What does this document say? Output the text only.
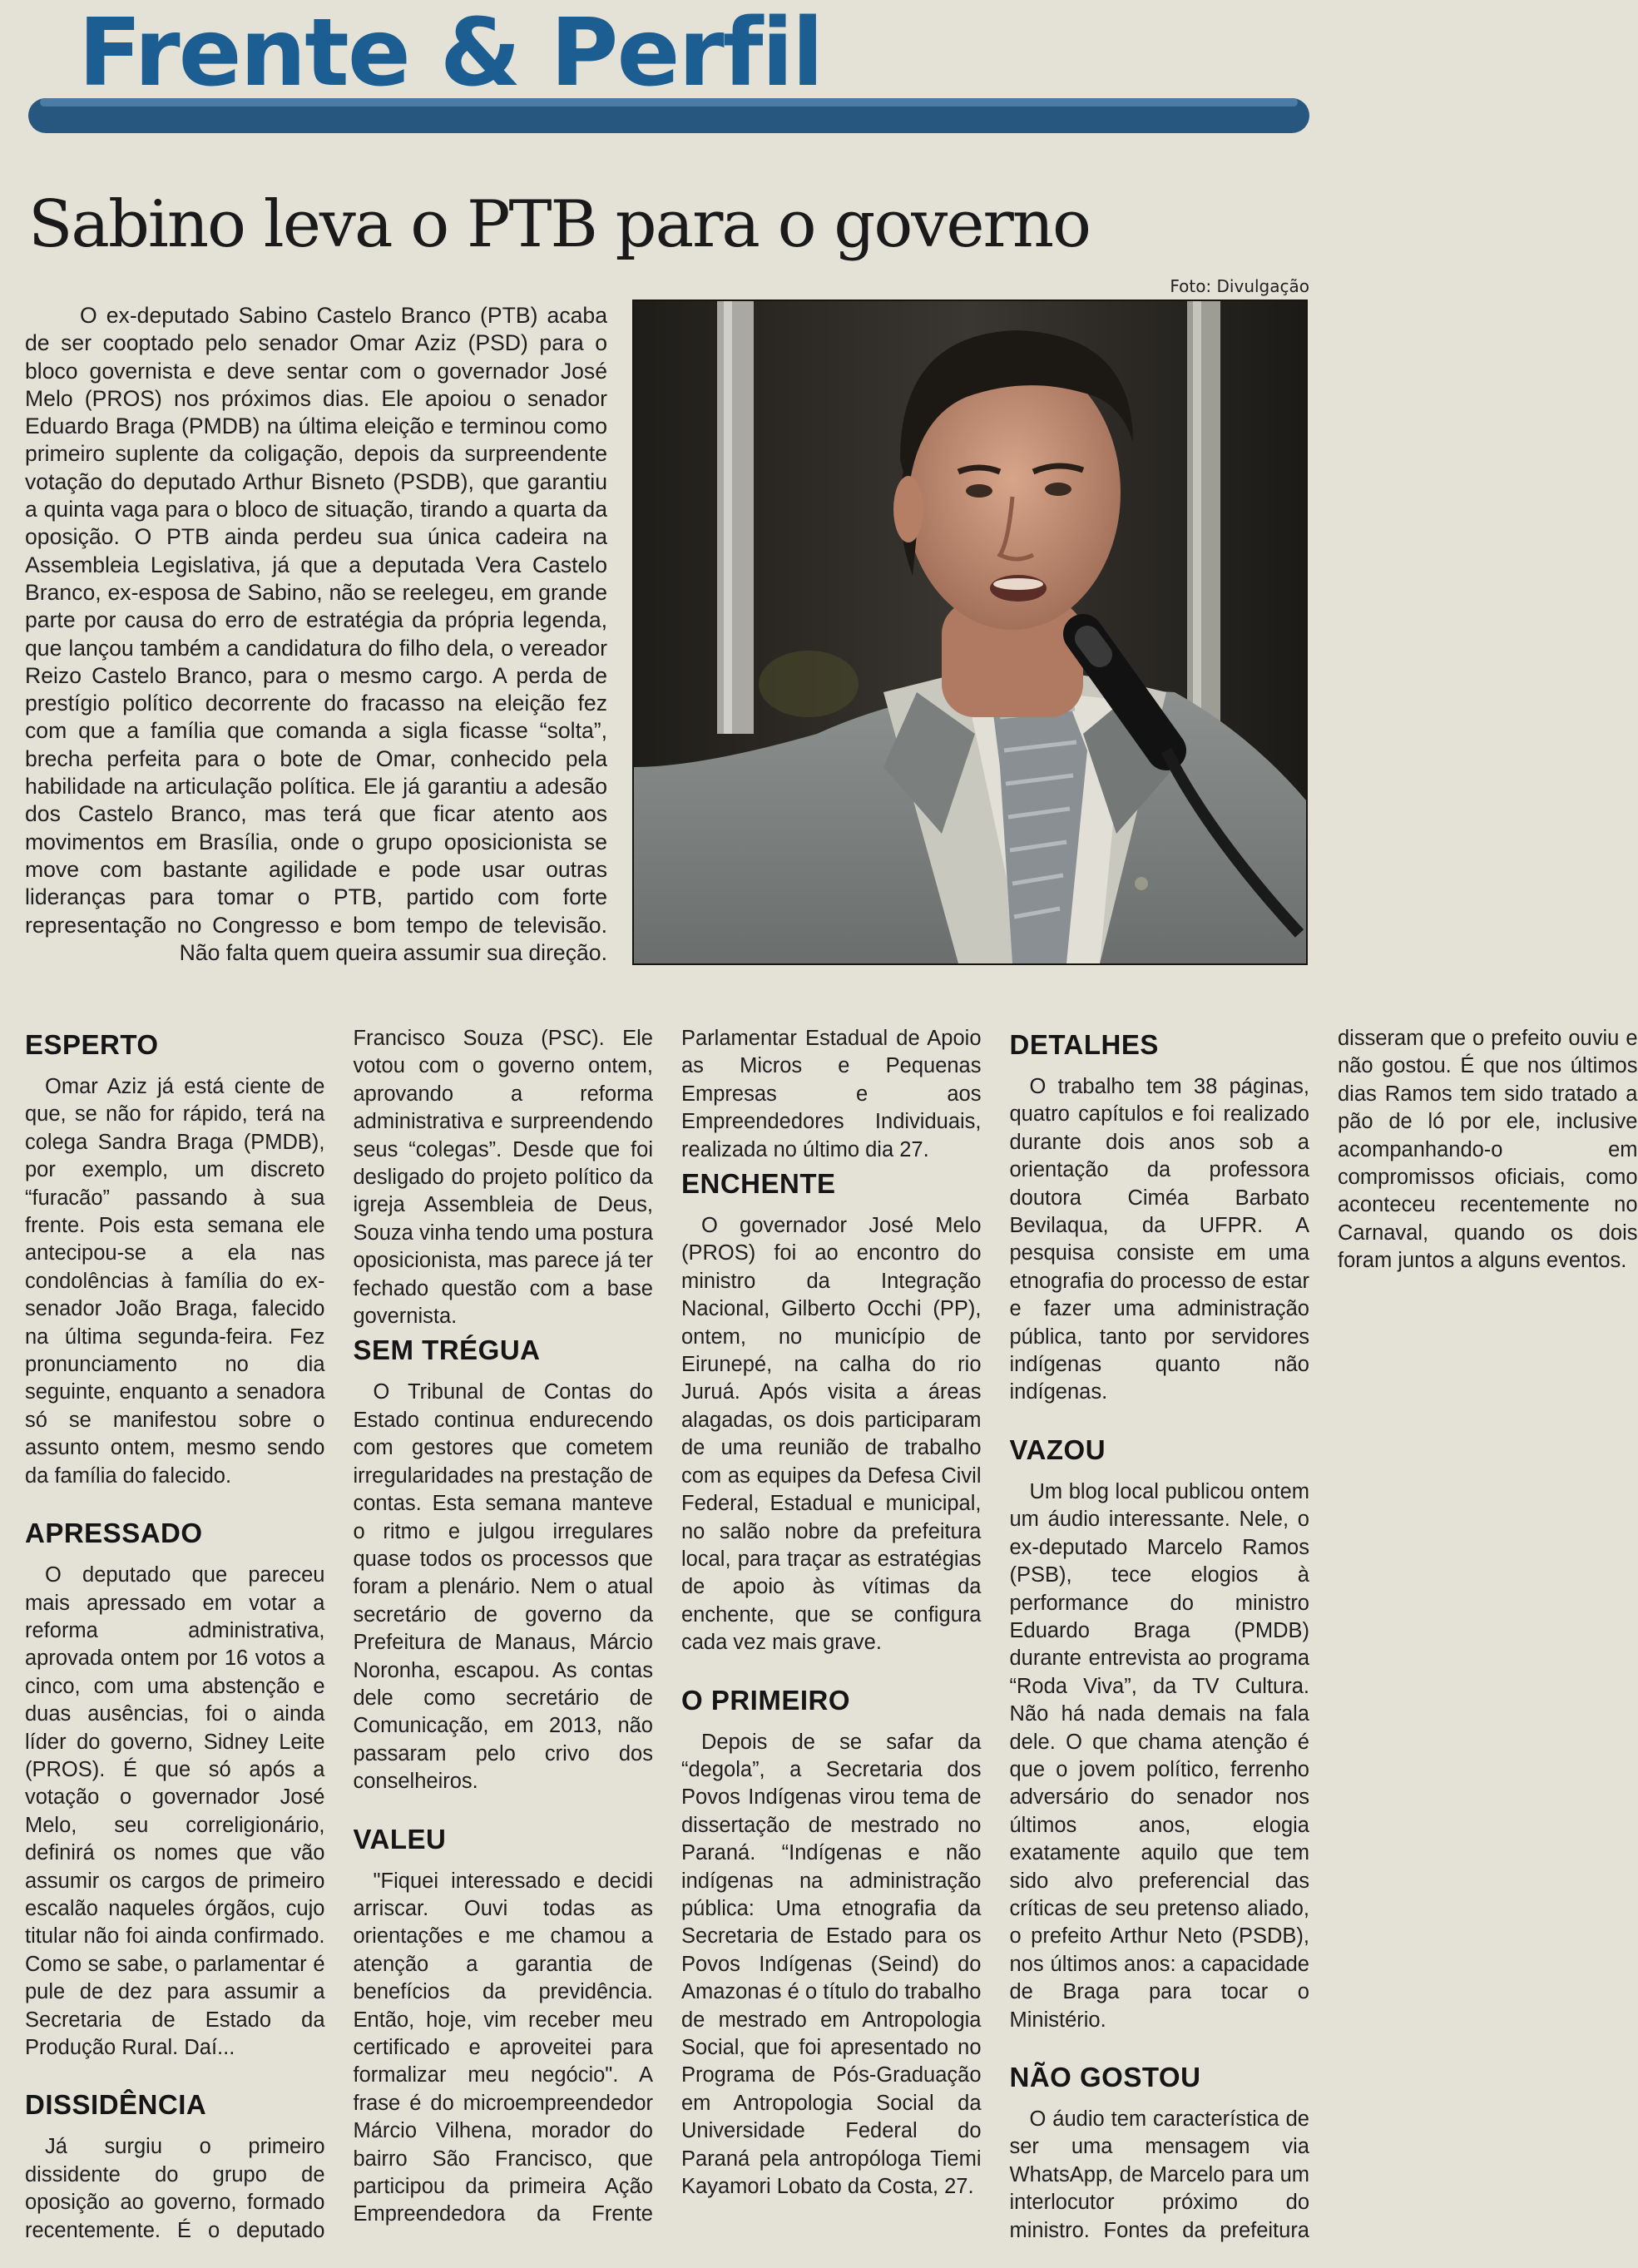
Frente & Perfil
Sabino leva o PTB para o governo
Foto: Divulgação

O ex-deputado Sabino Castelo Branco (PTB) acaba de ser cooptado pelo senador Omar Aziz (PSD) para o bloco governista e deve sentar com o governador José Melo (PROS) nos próximos dias. Ele apoiou o senador Eduardo Braga (PMDB) na última eleição e terminou como primeiro suplente da coligação, depois da surpreendente votação do deputado Arthur Bisneto (PSDB), que garantiu a quinta vaga para o bloco de situação, tirando a quarta da oposição. O PTB ainda perdeu sua única cadeira na Assembleia Legislativa, já que a deputada Vera Castelo Branco, ex-esposa de Sabino, não se reelegeu, em grande parte por causa do erro de estratégia da própria legenda, que lançou também a candidatura do filho dela, o vereador Reizo Castelo Branco, para o mesmo cargo. A perda de prestígio político decorrente do fracasso na eleição fez com que a família que comanda a sigla ficasse “solta”, brecha perfeita para o bote de Omar, conhecido pela habilidade na articulação política. Ele já garantiu a adesão dos Castelo Branco, mas terá que ficar atento aos movimentos em Brasília, onde o grupo oposicionista se move com bastante agilidade e pode usar outras lideranças para tomar o PTB, partido com forte representação no Congresso e bom tempo de televisão. Não falta quem queira assumir sua direção.

ESPERTO

Omar Aziz já está ciente de que, se não for rápido, terá na colega Sandra Braga (PMDB), por exemplo, um discreto “furacão” passando à sua frente. Pois esta semana ele antecipou-se a ela nas condolências à família do ex-senador João Braga, falecido na última segunda-feira. Fez pronunciamento no dia seguinte, enquanto a senadora só se manifestou sobre o assunto ontem, mesmo sendo da família do falecido.

APRESSADO

O deputado que pareceu mais apressado em votar a reforma administrativa, aprovada ontem por 16 votos a cinco, com uma abstenção e duas ausências, foi o ainda líder do governo, Sidney Leite (PROS). É que só após a votação o governador José Melo, seu correligionário, definirá os nomes que vão assumir os cargos de primeiro escalão naqueles órgãos, cujo titular não foi ainda confirmado. Como se sabe, o parlamentar é pule de dez para assumir a Secretaria de Estado da Produção Rural. Daí...

DISSIDÊNCIA

Já surgiu o primeiro dissidente do grupo de oposição ao governo, formado recentemente. É o deputado Francisco Souza (PSC). Ele votou com o governo ontem, aprovando a reforma administrativa e surpreendendo seus “colegas”. Desde que foi desligado do projeto político da igreja Assembleia de Deus, Souza vinha tendo uma postura oposicionista, mas parece já ter fechado questão com a base governista.

SEM TRÉGUA

O Tribunal de Contas do Estado continua endurecendo com gestores que cometem irregularidades na prestação de contas. Esta semana manteve o ritmo e julgou irregulares quase todos os processos que foram a plenário. Nem o atual secretário de governo da Prefeitura de Manaus, Márcio Noronha, escapou. As contas dele como secretário de Comunicação, em 2013, não passaram pelo crivo dos conselheiros.

VALEU

"Fiquei interessado e decidi arriscar. Ouvi todas as orientações e me chamou a atenção a garantia de benefícios da previdência. Então, hoje, vim receber meu certificado e aproveitei para formalizar meu negócio". A frase é do microempreendedor Márcio Vilhena, morador do bairro São Francisco, que participou da primeira Ação Empreendedora da Frente Parlamentar Estadual de Apoio as Micros e Pequenas Empresas e aos Empreendedores Individuais, realizada no último dia 27.

ENCHENTE

O governador José Melo (PROS) foi ao encontro do ministro da Integração Nacional, Gilberto Occhi (PP), ontem, no município de Eirunepé, na calha do rio Juruá. Após visita a áreas alagadas, os dois participaram de uma reunião de trabalho com as equipes da Defesa Civil Federal, Estadual e municipal, no salão nobre da prefeitura local, para traçar as estratégias de apoio às vítimas da enchente, que se configura cada vez mais grave.

O PRIMEIRO

Depois de se safar da “degola”, a Secretaria dos Povos Indígenas virou tema de dissertação de mestrado no Paraná. “Indígenas e não indígenas na administração pública: Uma etnografia da Secretaria de Estado para os Povos Indígenas (Seind) do Amazonas é o título do trabalho de mestrado em Antropologia Social, que foi apresentado no Programa de Pós-Graduação em Antropologia Social da Universidade Federal do Paraná pela antropóloga Tiemi Kayamori Lobato da Costa, 27.

DETALHES

O trabalho tem 38 páginas, quatro capítulos e foi realizado durante dois anos sob a orientação da professora doutora Ciméa Barbato Bevilaqua, da UFPR. A pesquisa consiste em uma etnografia do processo de estar e fazer uma administração pública, tanto por servidores indígenas quanto não indígenas.

VAZOU

Um blog local publicou ontem um áudio interessante. Nele, o ex-deputado Marcelo Ramos (PSB), tece elogios à performance do ministro Eduardo Braga (PMDB) durante entrevista ao programa “Roda Viva”, da TV Cultura. Não há nada demais na fala dele. O que chama atenção é que o jovem político, ferrenho adversário do senador nos últimos anos, elogia exatamente aquilo que tem sido alvo preferencial das críticas de seu pretenso aliado, o prefeito Arthur Neto (PSDB), nos últimos anos: a capacidade de Braga para tocar o Ministério.

NÃO GOSTOU

O áudio tem característica de ser uma mensagem via WhatsApp, de Marcelo para um interlocutor próximo do ministro. Fontes da prefeitura disseram que o prefeito ouviu e não gostou. É que nos últimos dias Ramos tem sido tratado a pão de ló por ele, inclusive acompanhando-o em compromissos oficiais, como aconteceu recentemente no Carnaval, quando os dois foram juntos a alguns eventos.
